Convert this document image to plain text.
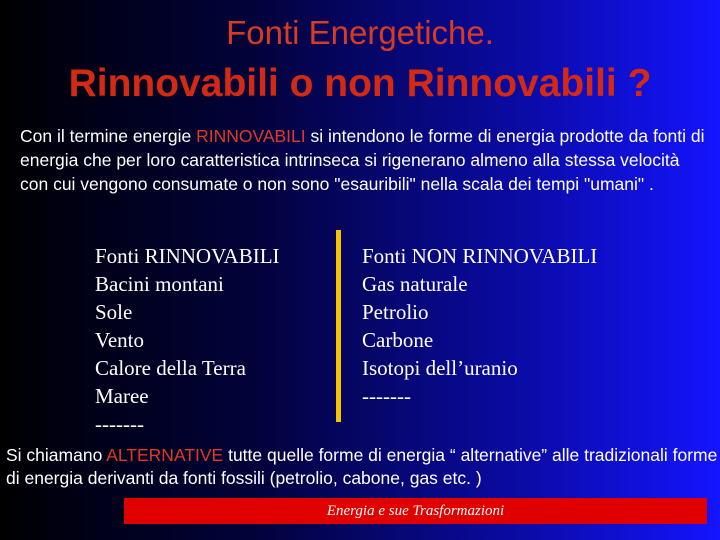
Fonti Energetiche.
Rinnovabili o non Rinnovabili ?
Con il termine energie RINNOVABILI si intendono le forme di energia prodotte da fonti di energia che per loro caratteristica intrinseca si rigenerano almeno alla stessa velocità con cui vengono consumate o non sono "esauribili" nella scala dei tempi "umani" .
Fonti RINNOVABILI
Bacini montani
Sole
Vento
Calore della Terra
Maree
-------
Fonti NON RINNOVABILI
Gas naturale
Petrolio
Carbone
Isotopi dell’uranio
-------
Si chiamano ALTERNATIVE tutte quelle forme di energia “ alternative” alle tradizionali forme di energia derivanti da fonti fossili (petrolio, cabone, gas etc. )
Energia e sue Trasformazioni
